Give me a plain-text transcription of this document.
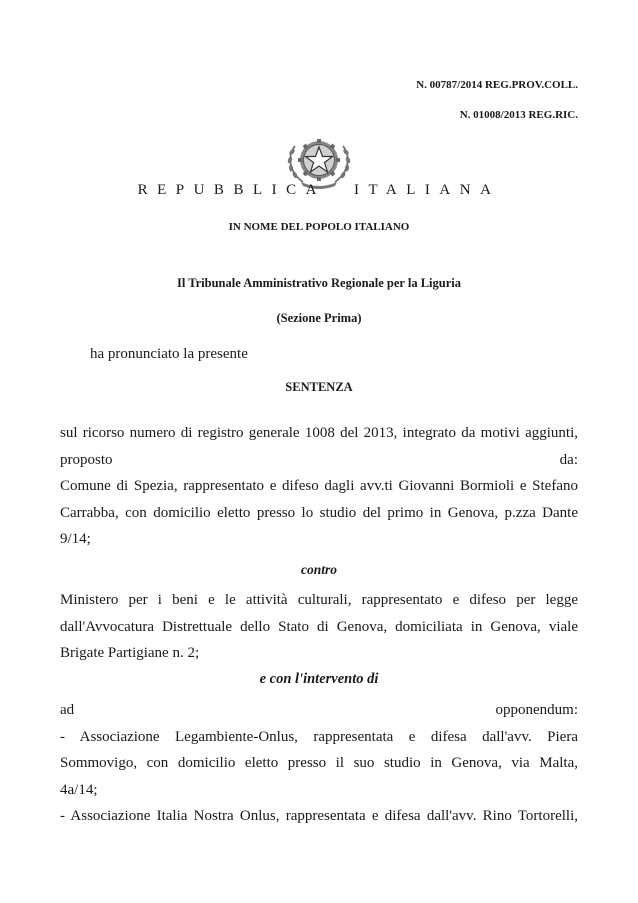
N. 00787/2014 REG.PROV.COLL.
N. 01008/2013 REG.RIC.
REPUBBLICA ITALIANA
IN NOME DEL POPOLO ITALIANO
Il Tribunale Amministrativo Regionale per la Liguria
(Sezione Prima)
ha pronunciato la presente
SENTENZA
sul ricorso numero di registro generale 1008 del 2013, integrato da motivi aggiunti,
proposto	da:
Comune di Spezia, rappresentato e difeso dagli avv.ti Giovanni Bormioli e Stefano
Carrabba, con domicilio eletto presso lo studio del primo in Genova, p.zza Dante
9/14;
contro
Ministero per i beni e le attività culturali, rappresentato e difeso per legge
dall'Avvocatura Distrettuale dello Stato di Genova, domiciliata in Genova, viale
Brigate Partigiane n. 2;
e con l'intervento di
ad	opponendum:
- Associazione Legambiente-Onlus, rappresentata e difesa dall'avv. Piera
Sommovigo, con domicilio eletto presso il suo studio in Genova, via Malta,
4a/14;
- Associazione Italia Nostra Onlus, rappresentata e difesa dall'avv. Rino Tortorelli,
